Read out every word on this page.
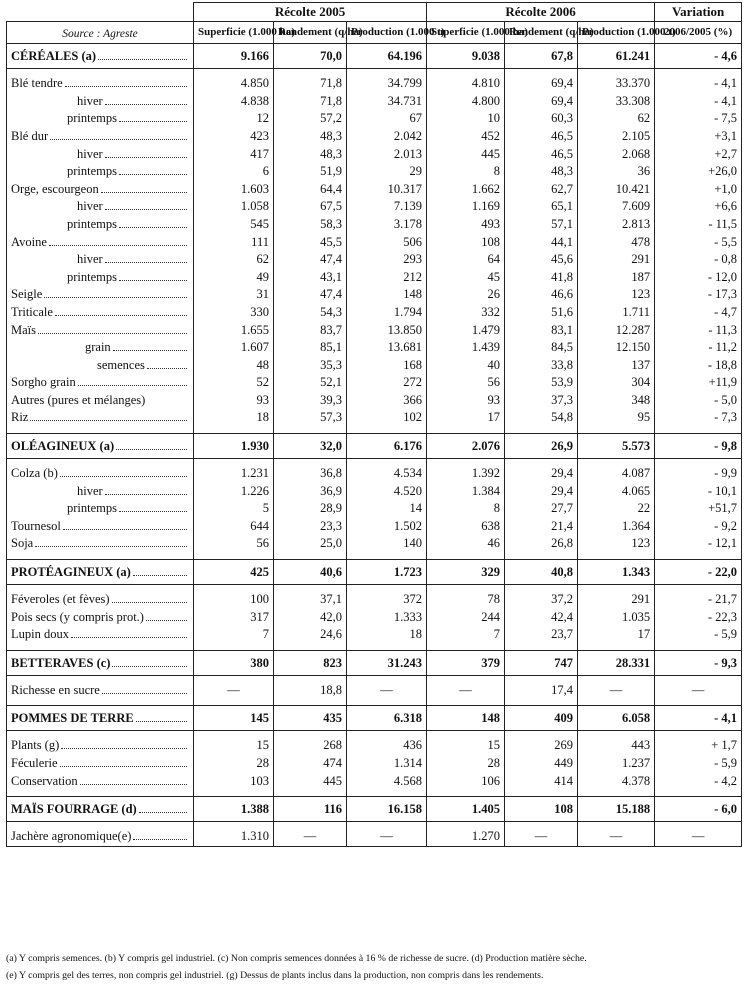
	Récolte 2005			Récolte 2006			Variation
Source : Agreste	Superficie (1.000 ha)	Rendement (q/ha)	Production (1.000 t)	Superficie (1.000 ha)	Rendement (q/ha)	Production (1.000 t)	2006/2005 (%)

CÉRÉALES (a)	9.166	70,0	64.196	9.038	67,8	61.241	- 4,6

Blé tendre	4.850	71,8	34.799	4.810	69,4	33.370	- 4,1

hiver	4.838	71,8	34.731	4.800	69,4	33.308	- 4,1

printemps	12	57,2	67	10	60,3	62	- 7,5

Blé dur	423	48,3	2.042	452	46,5	2.105	+3,1

hiver	417	48,3	2.013	445	46,5	2.068	+2,7

printemps	6	51,9	29	8	48,3	36	+26,0

Orge, escourgeon	1.603	64,4	10.317	1.662	62,7	10.421	+1,0

hiver	1.058	67,5	7.139	1.169	65,1	7.609	+6,6

printemps	545	58,3	3.178	493	57,1	2.813	- 11,5

Avoine	111	45,5	506	108	44,1	478	- 5,5

hiver	62	47,4	293	64	45,6	291	- 0,8

printemps	49	43,1	212	45	41,8	187	- 12,0

Seigle	31	47,4	148	26	46,6	123	- 17,3

Triticale	330	54,3	1.794	332	51,6	1.711	- 4,7

Maïs	1.655	83,7	13.850	1.479	83,1	12.287	- 11,3

grain	1.607	85,1	13.681	1.439	84,5	12.150	- 11,2

semences	48	35,3	168	40	33,8	137	- 18,8

Sorgho grain	52	52,1	272	56	53,9	304	+11,9

Autres (pures et mélanges)	93	39,3	366	93	37,3	348	- 5,0

Riz	18	57,3	102	17	54,8	95	- 7,3

OLÉAGINEUX (a)	1.930	32,0	6.176	2.076	26,9	5.573	- 9,8

Colza (b)	1.231	36,8	4.534	1.392	29,4	4.087	- 9,9

hiver	1.226	36,9	4.520	1.384	29,4	4.065	- 10,1

printemps	5	28,9	14	8	27,7	22	+51,7

Tournesol	644	23,3	1.502	638	21,4	1.364	- 9,2

Soja	56	25,0	140	46	26,8	123	- 12,1

PROTÉAGINEUX (a)	425	40,6	1.723	329	40,8	1.343	- 22,0

Féveroles (et fèves)	100	37,1	372	78	37,2	291	- 21,7

Pois secs (y compris prot.)	317	42,0	1.333	244	42,4	1.035	- 22,3

Lupin doux	7	24,6	18	7	23,7	17	- 5,9

BETTERAVES (c)	380	823	31.243	379	747	28.331	- 9,3

Richesse en sucre	—	18,8	—	—	17,4	—	—

POMMES DE TERRE	145	435	6.318	148	409	6.058	- 4,1

Plants (g)	15	268	436	15	269	443	+ 1,7

Féculerie	28	474	1.314	28	449	1.237	- 5,9

Conservation	103	445	4.568	106	414	4.378	- 4,2

MAÏS FOURRAGE (d)	1.388	116	16.158	1.405	108	15.188	- 6,0

Jachère agronomique(e)	1.310	—	—	1.270	—	—	—
(a) Y compris semences. (b) Y compris gel industriel. (c) Non compris semences données à 16 % de richesse de sucre. (d) Production matière sèche.
(e) Y compris gel des terres, non compris gel industriel. (g) Dessus de plants inclus dans la production, non compris dans les rendements.
